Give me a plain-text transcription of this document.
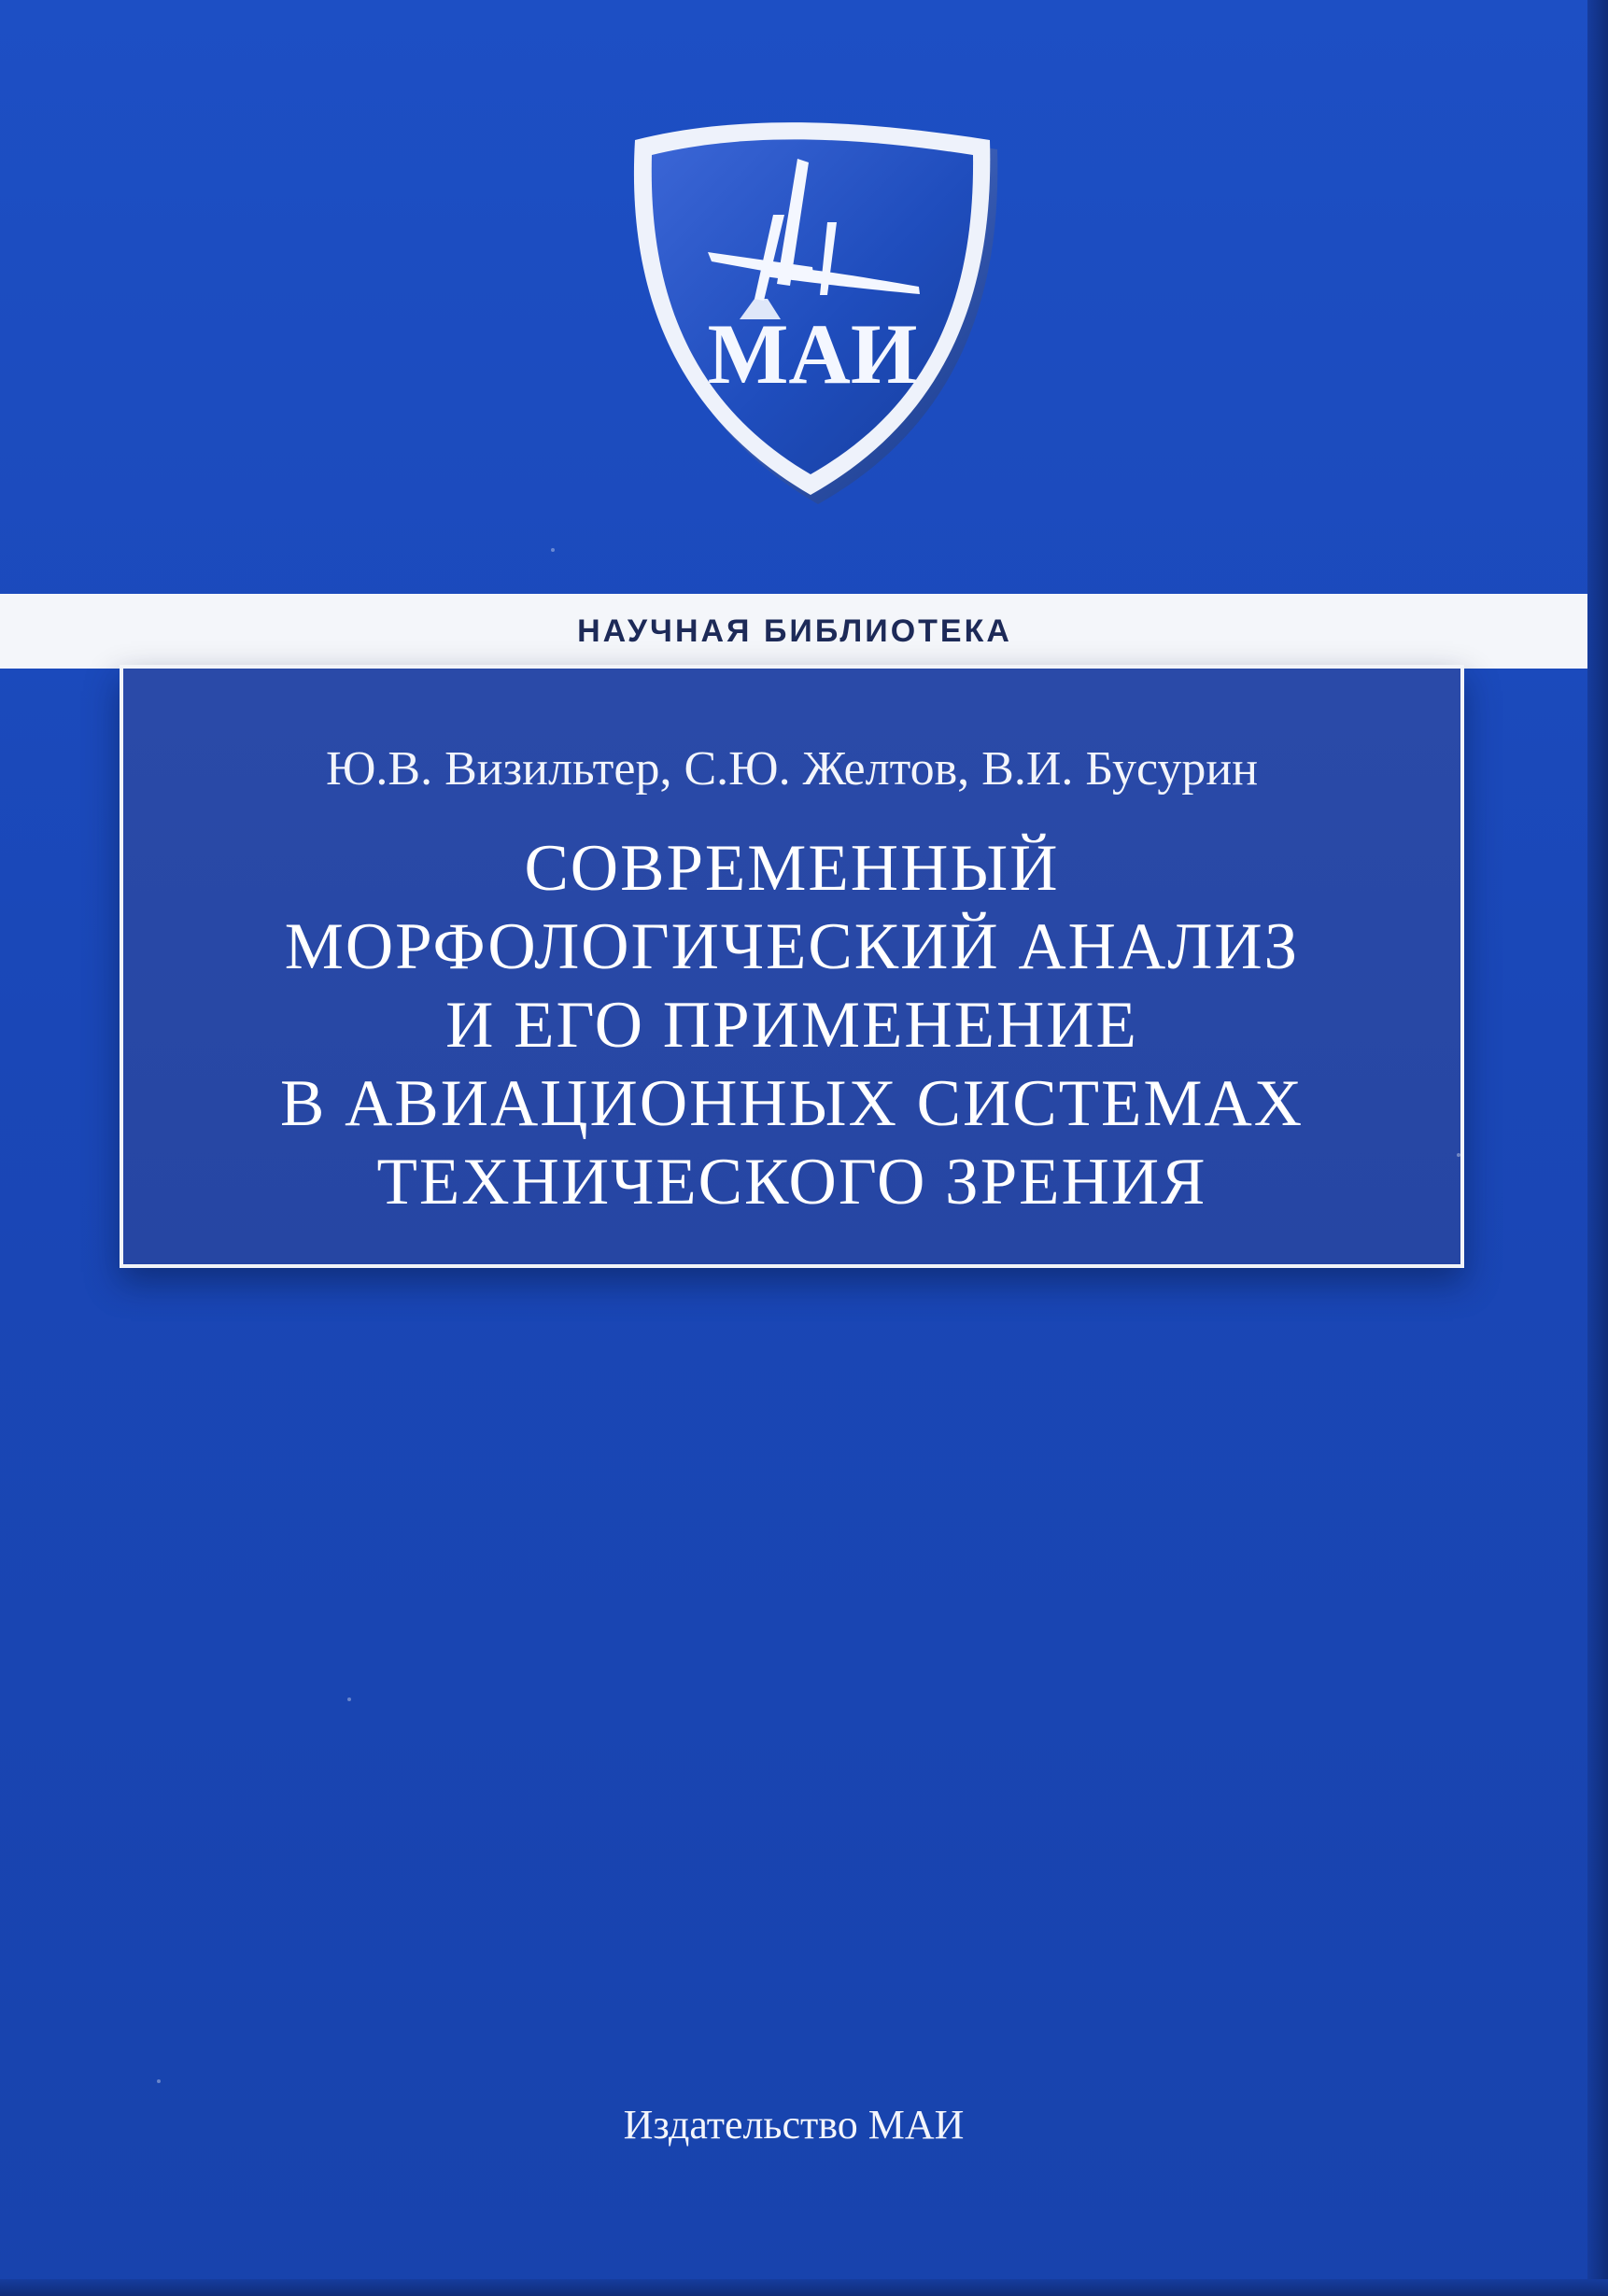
МАИ
НАУЧНАЯ БИБЛИОТЕКА
Ю.В. Визильтер, С.Ю. Желтов, В.И. Бусурин
СОВРЕМЕННЫЙ
МОРФОЛОГИЧЕСКИЙ АНАЛИЗ
И ЕГО ПРИМЕНЕНИЕ
В АВИАЦИОННЫХ СИСТЕМАХ
ТЕХНИЧЕСКОГО ЗРЕНИЯ
Издательство МАИ
